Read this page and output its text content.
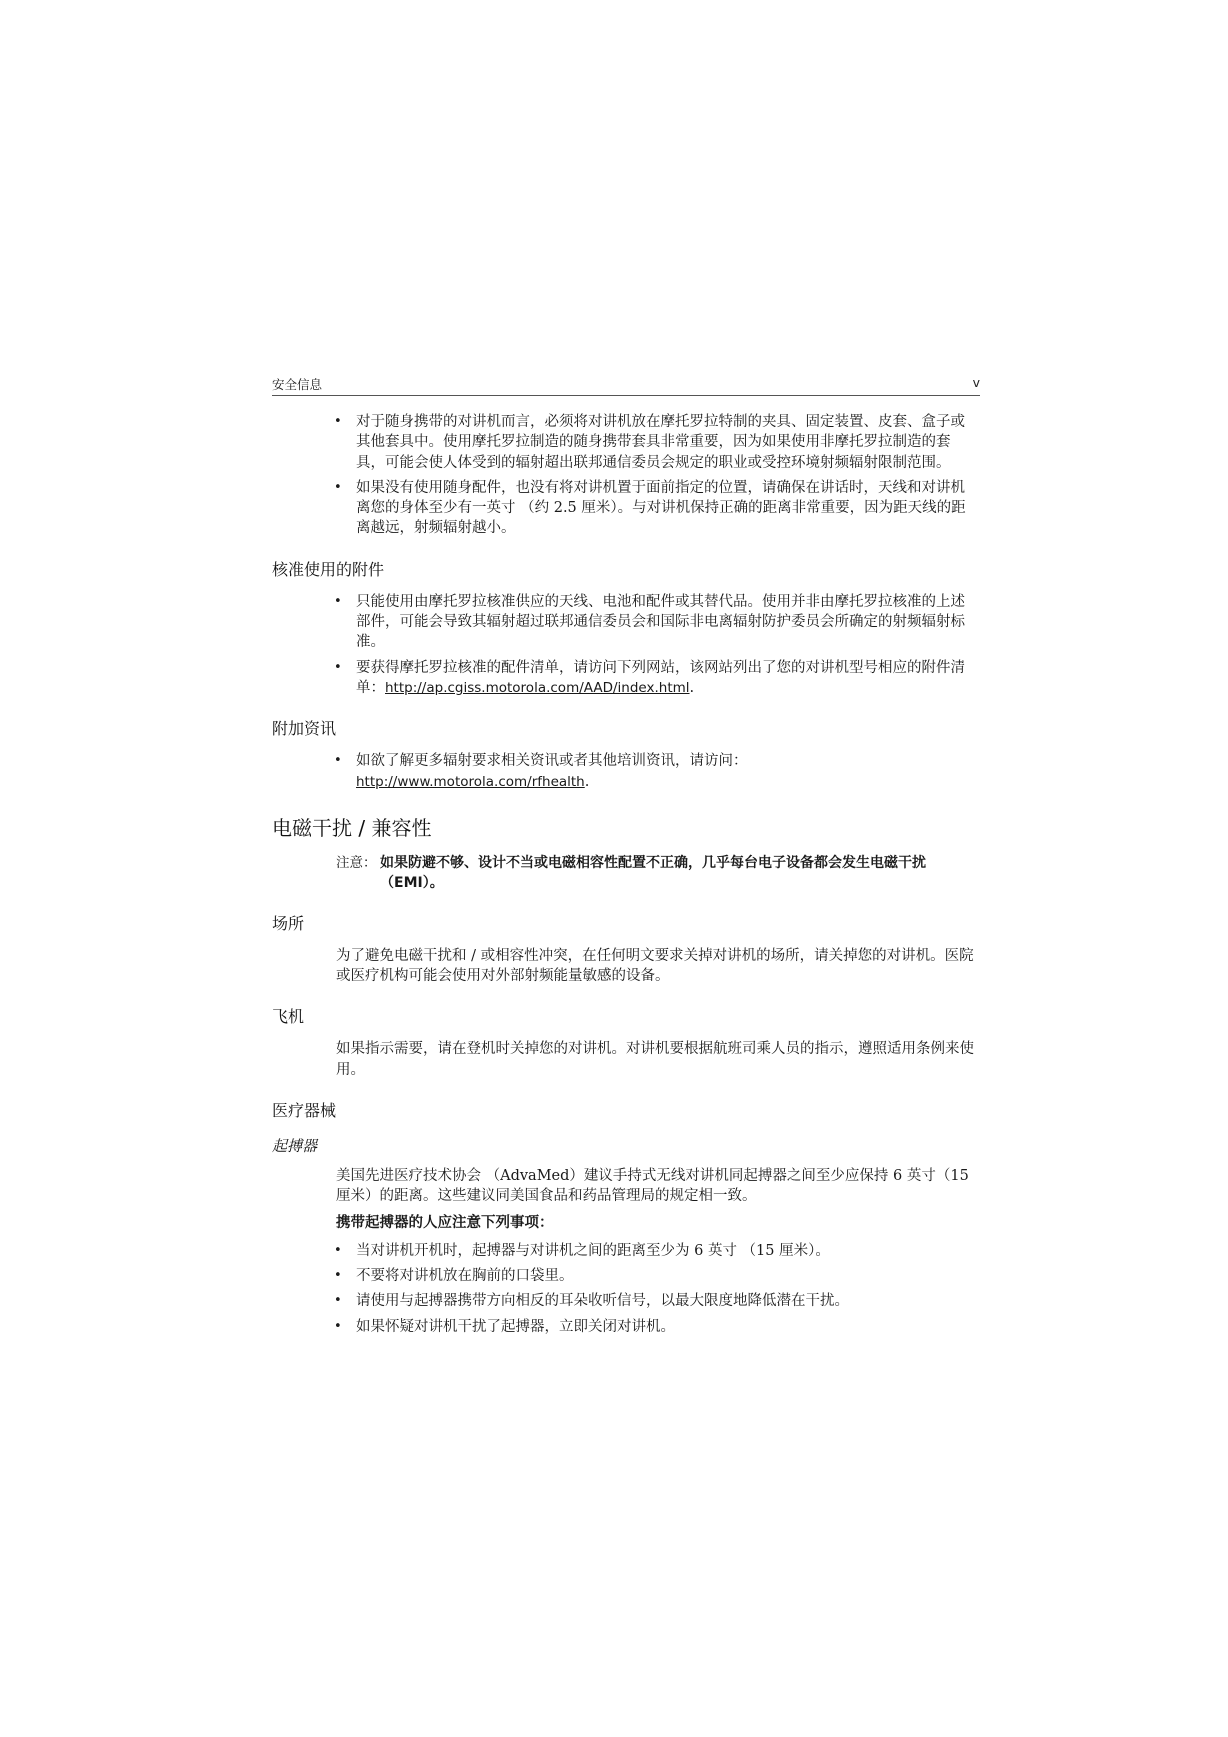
安全信息	v
• 对于随身携带的对讲机而言，必须将对讲机放在摩托罗拉特制的夹具、固定装置、皮套、盒子或其他套具中。使用摩托罗拉制造的随身携带套具非常重要，因为如果使用非摩托罗拉制造的套具，可能会使人体受到的辐射超出联邦通信委员会规定的职业或受控环境射频辐射限制范围。
• 如果没有使用随身配件，也没有将对讲机置于面前指定的位置，请确保在讲话时，天线和对讲机离您的身体至少有一英寸 （约 2.5 厘米）。与对讲机保持正确的距离非常重要，因为距天线的距离越远，射频辐射越小。
核准使用的附件
• 只能使用由摩托罗拉核准供应的天线、电池和配件或其替代品。使用并非由摩托罗拉核准的上述部件，可能会导致其辐射超过联邦通信委员会和国际非电离辐射防护委员会所确定的射频辐射标准。
• 要获得摩托罗拉核准的配件清单，请访问下列网站，该网站列出了您的对讲机型号相应的附件清单：http://ap.cgiss.motorola.com/AAD/index.html.
附加资讯
• 如欲了解更多辐射要求相关资讯或者其他培训资讯，请访问：
http://www.motorola.com/rfhealth.
电磁干扰 / 兼容性
注意： 如果防避不够、设计不当或电磁相容性配置不正确，几乎每台电子设备都会发生电磁干扰 （EMI）。
场所

为了避免电磁干扰和 / 或相容性冲突，在任何明文要求关掉对讲机的场所，请关掉您的对讲机。医院或医疗机构可能会使用对外部射频能量敏感的设备。

飞机

如果指示需要，请在登机时关掉您的对讲机。对讲机要根据航班司乘人员的指示，遵照适用条例来使用。

医疗器械
起搏器

美国先进医疗技术协会 （AdvaMed）建议手持式无线对讲机同起搏器之间至少应保持 6 英寸（15 厘米）的距离。这些建议同美国食品和药品管理局的规定相一致。

携带起搏器的人应注意下列事项：

• 当对讲机开机时，起搏器与对讲机之间的距离至少为 6 英寸 （15 厘米）。
• 不要将对讲机放在胸前的口袋里。
• 请使用与起搏器携带方向相反的耳朵收听信号，以最大限度地降低潜在干扰。
• 如果怀疑对讲机干扰了起搏器，立即关闭对讲机。
